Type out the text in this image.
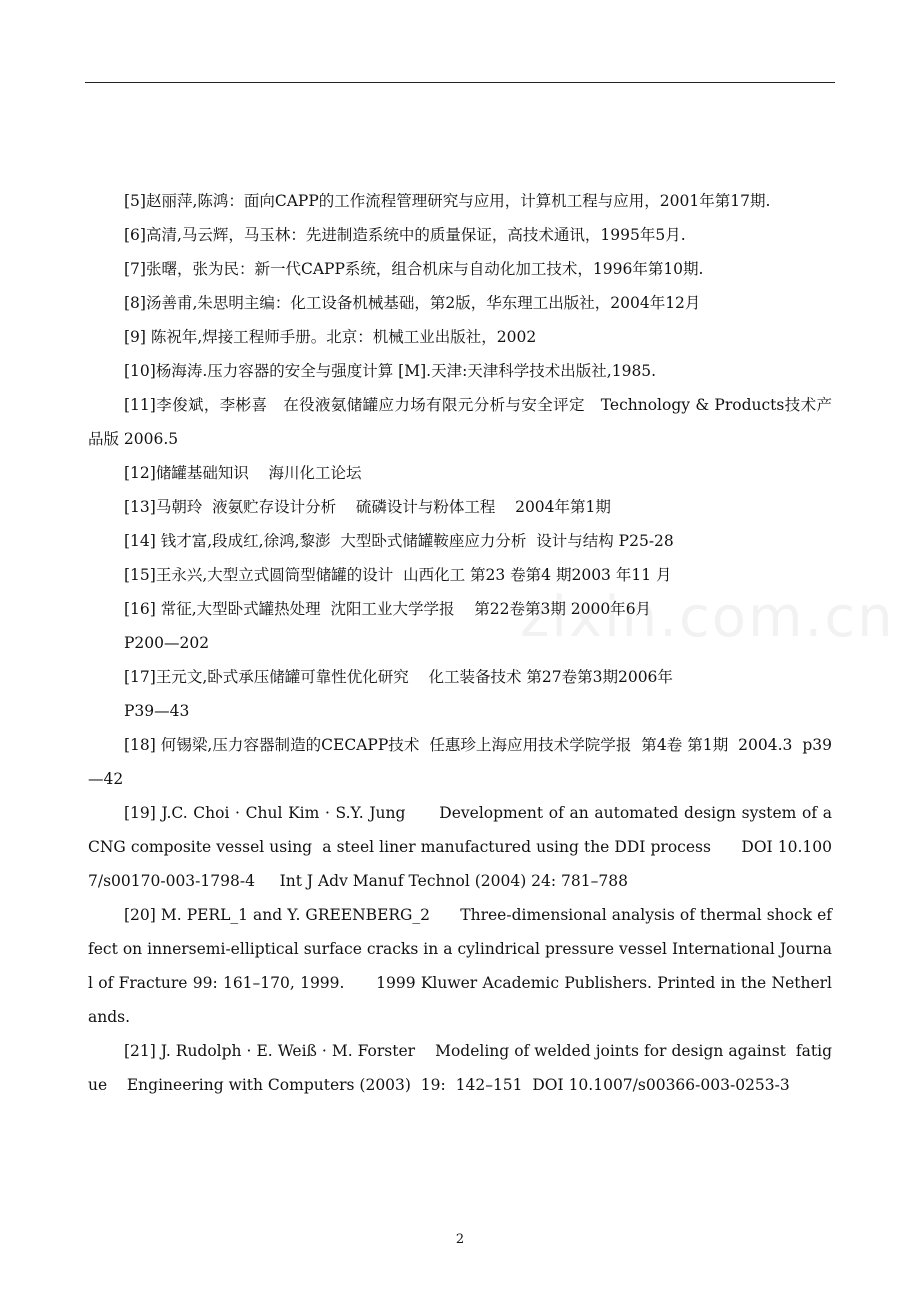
zixin.com.cn

[5]赵丽萍,陈鸿：面向CAPP的工作流程管理研究与应用，计算机工程与应用，2001年第17期.

[6]高清,马云辉，马玉林：先进制造系统中的质量保证，高技术通讯，1995年5月.

[7]张曙，张为民：新一代CAPP系统，组合机床与自动化加工技术，1996年第10期.

[8]汤善甫,朱思明主编：化工设备机械基础，第2版，华东理工出版社，2004年12月

[9] 陈祝年,焊接工程师手册。北京：机械工业出版社，2002

[10]杨海涛.压力容器的安全与强度计算 [M].天津:天津科学技术出版社,1985.

[11]李俊斌，李彬喜   在役液氨储罐应力场有限元分析与安全评定   Technology & Products技术产品版 2006.5

[12]储罐基础知识    海川化工论坛

[13]马朝玲  液氨贮存设计分析    硫磷设计与粉体工程    2004年第1期

[14] 钱才富,段成红,徐鸿,黎澎  大型卧式储罐鞍座应力分析  设计与结构 P25-28

[15]王永兴,大型立式圆筒型储罐的设计  山西化工 第23 卷第4 期2003 年11 月

[16] 常征,大型卧式罐热处理  沈阳工业大学学报    第22卷第3期 2000年6月
P200—202

[17]王元文,卧式承压储罐可靠性优化研究    化工装备技术 第27卷第3期2006年
P39—43

[18] 何锡梁,压力容器制造的CECAPP技术  任惠珍上海应用技术学院学报  第4卷 第1期  2004.3  p39—42

[19] J.C. Choi · Chul Kim · S.Y. Jung      Development of an automated design system of a CNG composite vessel using  a steel liner manufactured using the DDI process      DOI 10.1007/s00170-003-1798-4     Int J Adv Manuf Technol (2004) 24: 781–788

[20] M. PERL_1 and Y. GREENBERG_2      Three-dimensional analysis of thermal shock effect on innersemi-elliptical surface cracks in a cylindrical pressure vessel International Journal of Fracture 99: 161–170, 1999.      1999 Kluwer Academic Publishers. Printed in the Netherlands.

[21] J. Rudolph · E. Weiß · M. Forster    Modeling of welded joints for design against  fatigue    Engineering with Computers (2003)  19:  142–151  DOI 10.1007/s00366-003-0253-3

2
